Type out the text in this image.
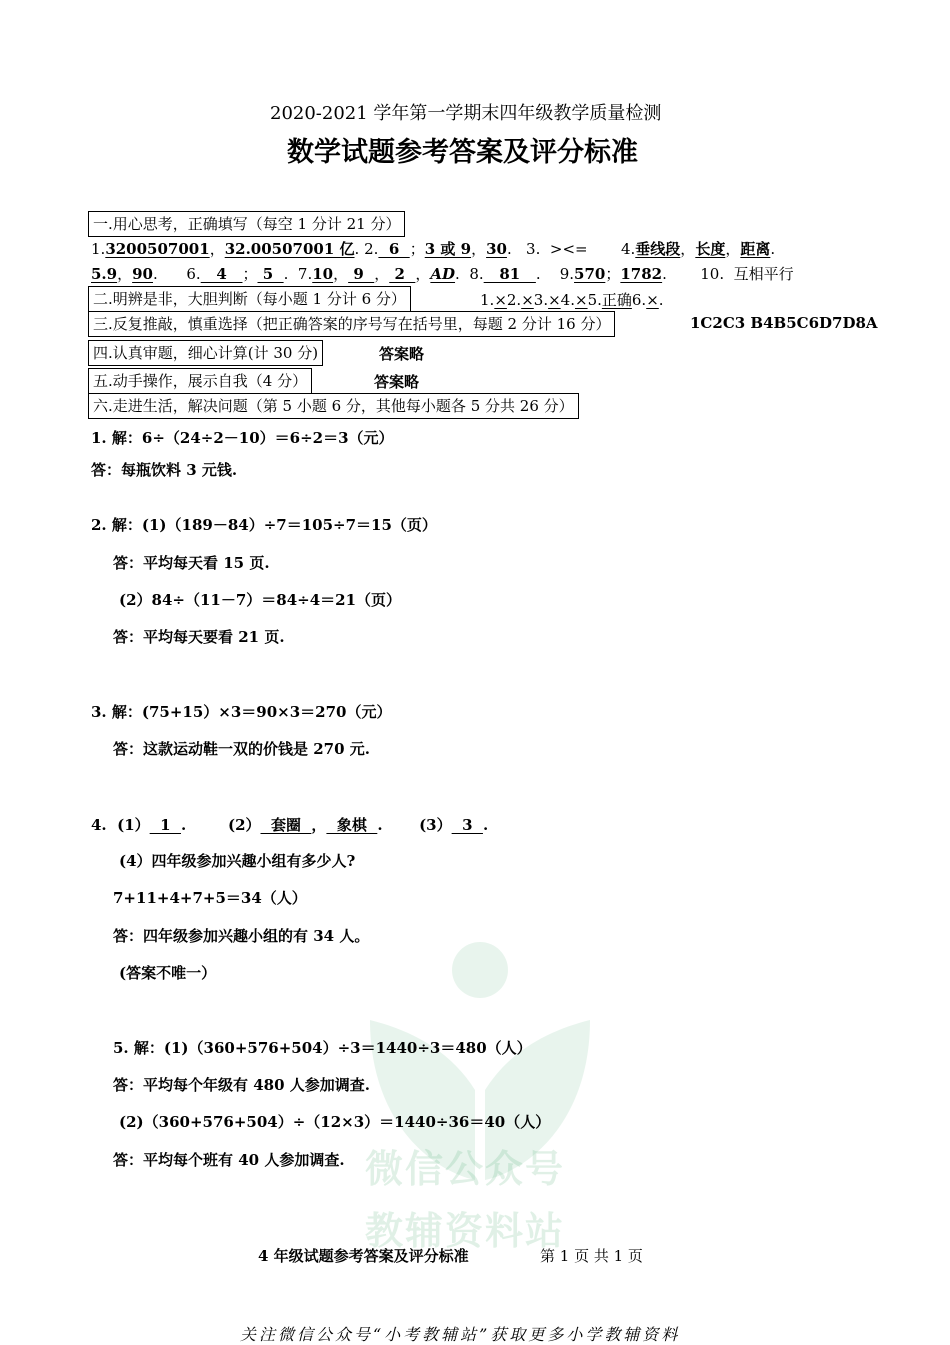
微信公众号
教辅资料站
2020-2021 学年第一学期末四年级教学质量检测
数学试题参考答案及评分标准
一.用心思考，正确填写（每空 1 分计 21 分）
1.3200507001，32.00507001 亿. 2.  6  ；3 或 9，30.   3.  ><=       4.垂线段，长度，距离.
5.9，90.      6.   4   ； 5  .  7.10， 9  ， 2  ，AD.  8.   81   .    9.570；1782.       10.  互相平行
二.明辨是非，大胆判断（每小题 1 分计 6 分）	1.×2.×3.×4.×5.正确6.×.
三.反复推敲，慎重选择（把正确答案的序号写在括号里，每题 2 分计 16 分）	1C2C3 B4B5C6D7D8A
四.认真审题，细心计算(计 30 分)	答案略
五.动手操作，展示自我（4 分）	答案略
六.走进生活，解决问题（第 5 小题 6 分，其他每小题各 5 分共 26 分）
1. 解：6÷（24÷2－10）＝6÷2＝3（元）
答：每瓶饮料 3 元钱.
2. 解：(1)（189－84）÷7＝105÷7＝15（页）
答：平均每天看 15 页.
(2）84÷（11－7）＝84÷4＝21（页）
答：平均每天要看 21 页.
3. 解：(75+15）×3＝90×3＝270（元）
答：这款运动鞋一双的价钱是 270 元.
4.  (1）  1  .        (2）  套圈  ，  象棋  .       (3）  3  .
(4）四年级参加兴趣小组有多少人?
7+11+4+7+5＝34（人）
答：四年级参加兴趣小组的有 34 人。
(答案不唯一）
5. 解：(1)（360+576+504）÷3＝1440÷3＝480（人）
答：平均每个年级有 480 人参加调查.
(2)（360+576+504）÷（12×3）＝1440÷36＝40（人）
答：平均每个班有 40 人参加调查.
4 年级试题参考答案及评分标准	第 1 页 共 1 页
关注微信公众号“小考教辅站”获取更多小学教辅资料
